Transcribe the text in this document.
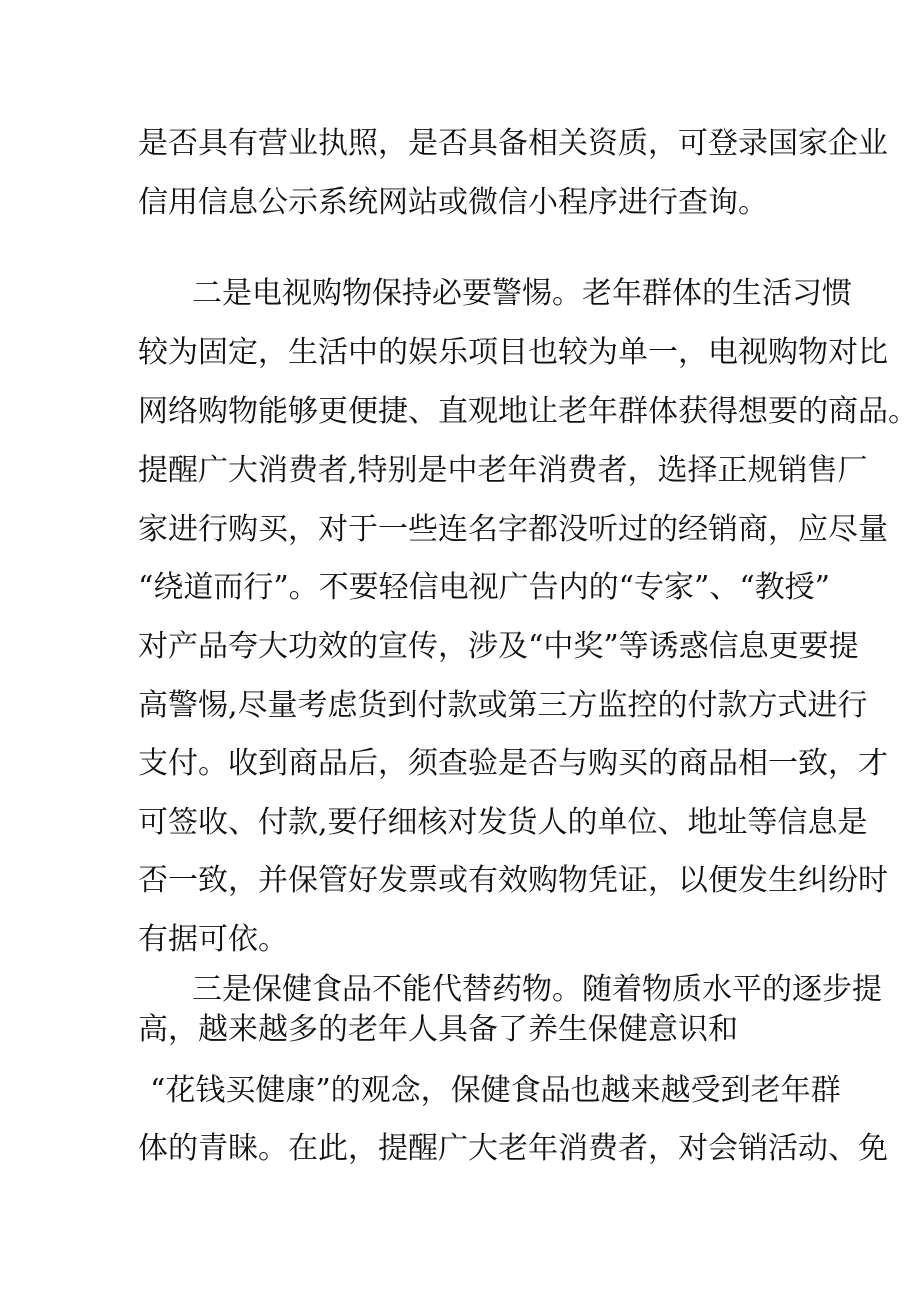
是否具有营业执照，是否具备相关资质，可登录国家企业
信用信息公示系统网站或微信小程序进行查询。
二是电视购物保持必要警惕。老年群体的生活习惯
较为固定，生活中的娱乐项目也较为单一，电视购物对比
网络购物能够更便捷、直观地让老年群体获得想要的商品。
提醒广大消费者,特别是中老年消费者，选择正规销售厂
家进行购买，对于一些连名字都没听过的经销商，应尽量
“绕道而行”。不要轻信电视广告内的“专家”、“教授”
对产品夸大功效的宣传，涉及“中奖”等诱惑信息更要提
高警惕,尽量考虑货到付款或第三方监控的付款方式进行
支付。收到商品后，须查验是否与购买的商品相一致，才
可签收、付款,要仔细核对发货人的单位、地址等信息是
否一致，并保管好发票或有效购物凭证，以便发生纠纷时
有据可依。
三是保健食品不能代替药物。随着物质水平的逐步提
高，越来越多的老年人具备了养生保健意识和
“花钱买健康”的观念，保健食品也越来越受到老年群
体的青睐。在此，提醒广大老年消费者，对会销活动、免
